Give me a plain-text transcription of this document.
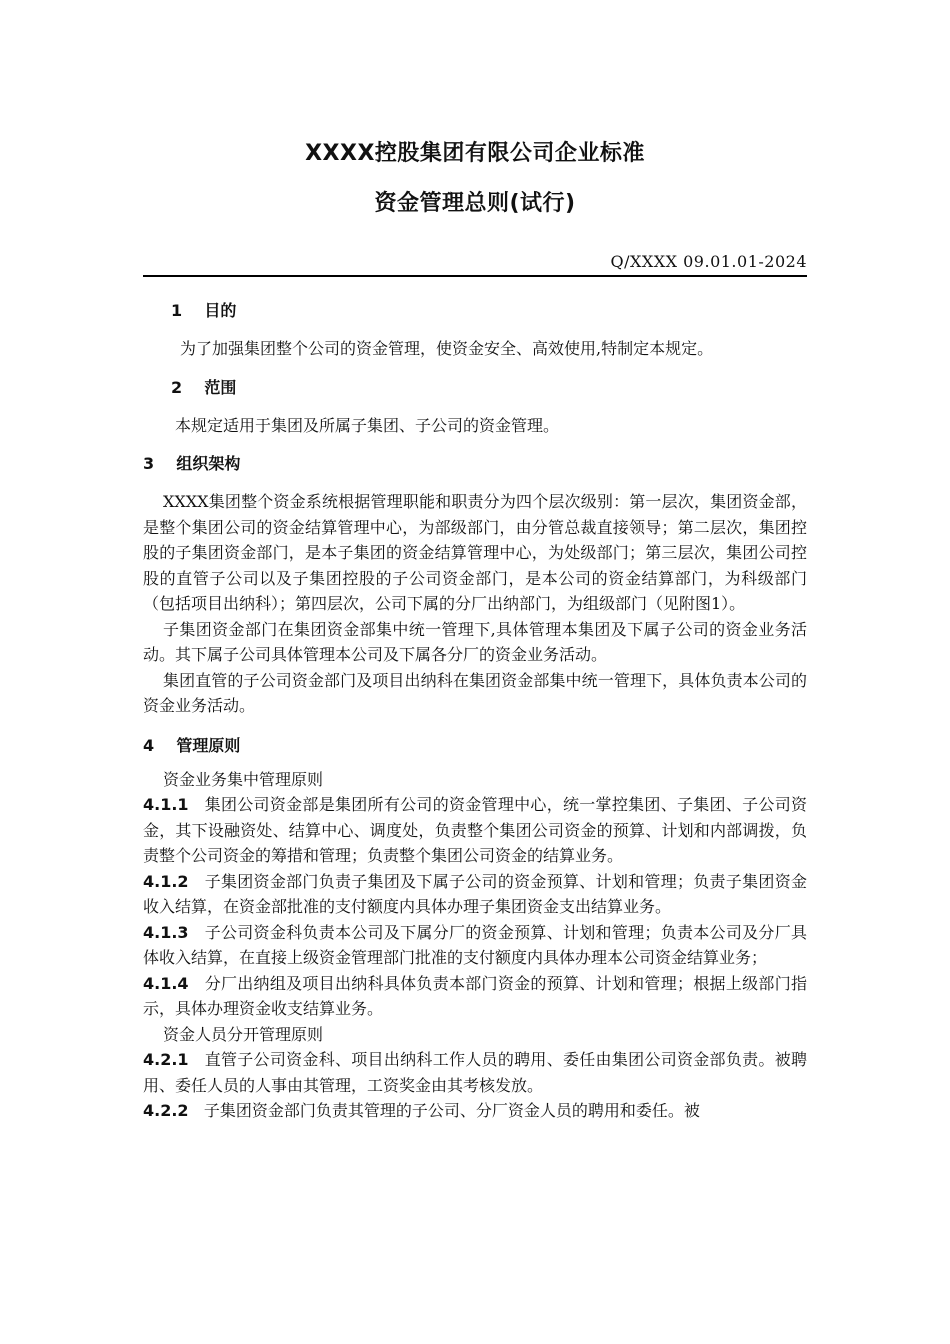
XXXX控股集团有限公司企业标准
资金管理总则(试行)
Q/XXXX 09.01.01-2024
1 目的

为了加强集团整个公司的资金管理，使资金安全、高效使用,特制定本规定。

2 范围

本规定适用于集团及所属子集团、子公司的资金管理。

3 组织架构

XXXX集团整个资金系统根据管理职能和职责分为四个层次级别：第一层次，集团资金部，是整个集团公司的资金结算管理中心，为部级部门，由分管总裁直接领导；第二层次，集团控股的子集团资金部门，是本子集团的资金结算管理中心，为处级部门；第三层次，集团公司控股的直管子公司以及子集团控股的子公司资金部门，是本公司的资金结算部门，为科级部门（包括项目出纳科）；第四层次，公司下属的分厂出纳部门，为组级部门（见附图1）。

子集团资金部门在集团资金部集中统一管理下,具体管理本集团及下属子公司的资金业务活动。其下属子公司具体管理本公司及下属各分厂的资金业务活动。

集团直管的子公司资金部门及项目出纳科在集团资金部集中统一管理下，具体负责本公司的资金业务活动。

4 管理原则

资金业务集中管理原则

4.1.1 集团公司资金部是集团所有公司的资金管理中心，统一掌控集团、子集团、子公司资金，其下设融资处、结算中心、调度处，负责整个集团公司资金的预算、计划和内部调拨，负责整个公司资金的筹措和管理；负责整个集团公司资金的结算业务。

4.1.2 子集团资金部门负责子集团及下属子公司的资金预算、计划和管理；负责子集团资金收入结算，在资金部批准的支付额度内具体办理子集团资金支出结算业务。

4.1.3 子公司资金科负责本公司及下属分厂的资金预算、计划和管理；负责本公司及分厂具体收入结算，在直接上级资金管理部门批准的支付额度内具体办理本公司资金结算业务；

4.1.4 分厂出纳组及项目出纳科具体负责本部门资金的预算、计划和管理；根据上级部门指示，具体办理资金收支结算业务。

资金人员分开管理原则

4.2.1 直管子公司资金科、项目出纳科工作人员的聘用、委任由集团公司资金部负责。被聘用、委任人员的人事由其管理，工资奖金由其考核发放。

4.2.2 子集团资金部门负责其管理的子公司、分厂资金人员的聘用和委任。被
